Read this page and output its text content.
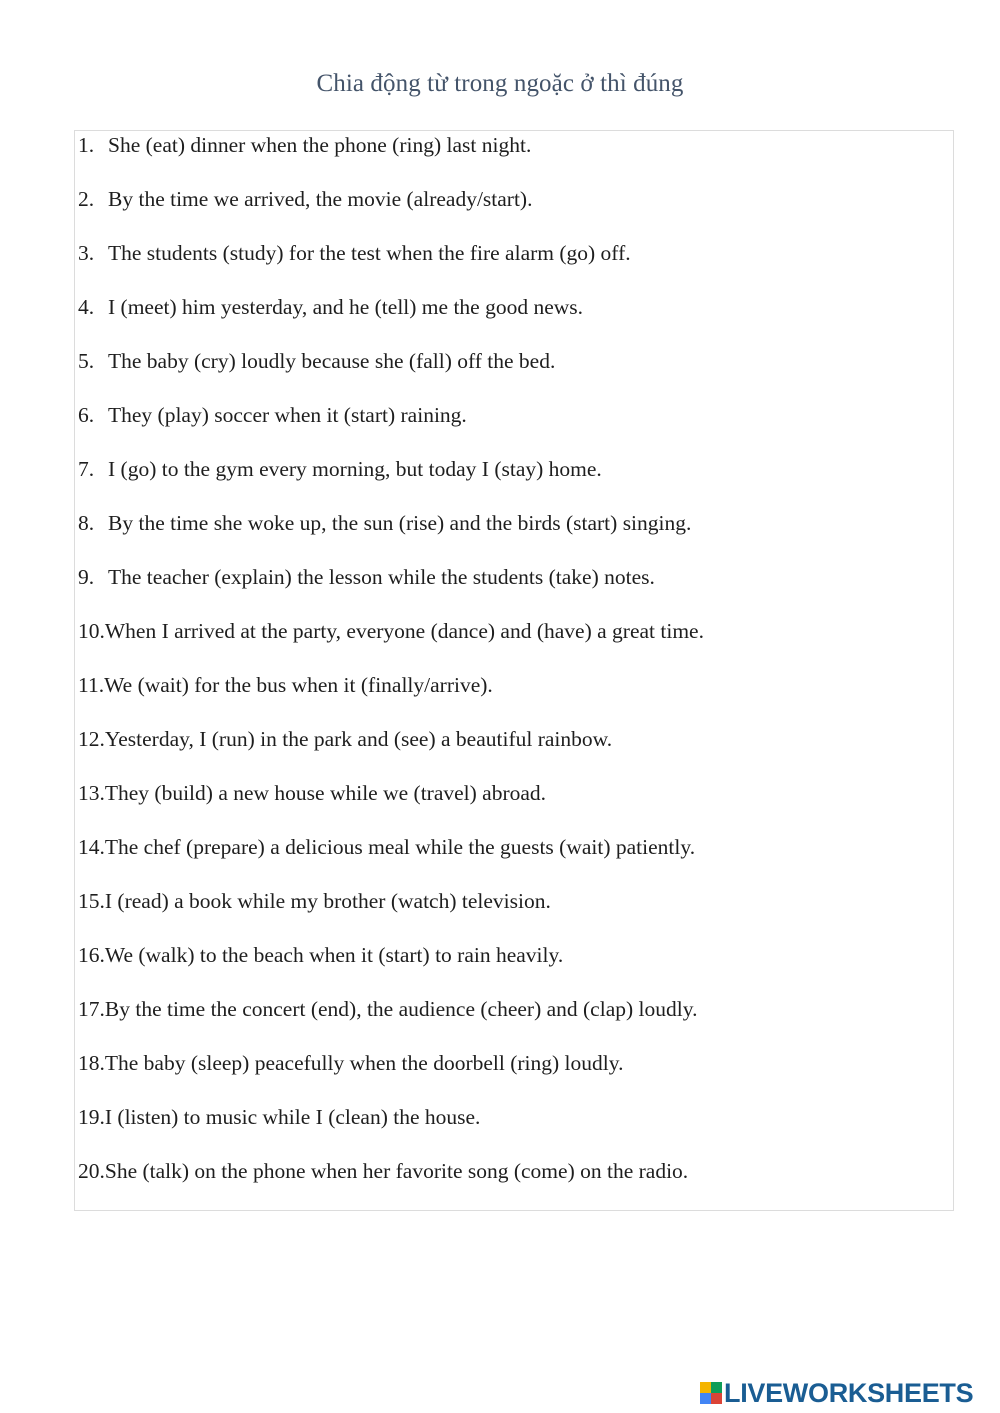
Chia động từ trong ngoặc ở thì đúng
1. She (eat) dinner when the phone (ring) last night.
2. By the time we arrived, the movie (already/start).
3. The students (study) for the test when the fire alarm (go) off.
4. I (meet) him yesterday, and he (tell) me the good news.
5. The baby (cry) loudly because she (fall) off the bed.
6. They (play) soccer when it (start) raining.
7. I (go) to the gym every morning, but today I (stay) home.
8. By the time she woke up, the sun (rise) and the birds (start) singing.
9. The teacher (explain) the lesson while the students (take) notes.
10.When I arrived at the party, everyone (dance) and (have) a great time.
11.We (wait) for the bus when it (finally/arrive).
12.Yesterday, I (run) in the park and (see) a beautiful rainbow.
13.They (build) a new house while we (travel) abroad.
14.The chef (prepare) a delicious meal while the guests (wait) patiently.
15.I (read) a book while my brother (watch) television.
16.We (walk) to the beach when it (start) to rain heavily.
17.By the time the concert (end), the audience (cheer) and (clap) loudly.
18.The baby (sleep) peacefully when the doorbell (ring) loudly.
19.I (listen) to music while I (clean) the house.
20.She (talk) on the phone when her favorite song (come) on the radio.
LIVEWORKSHEETS
